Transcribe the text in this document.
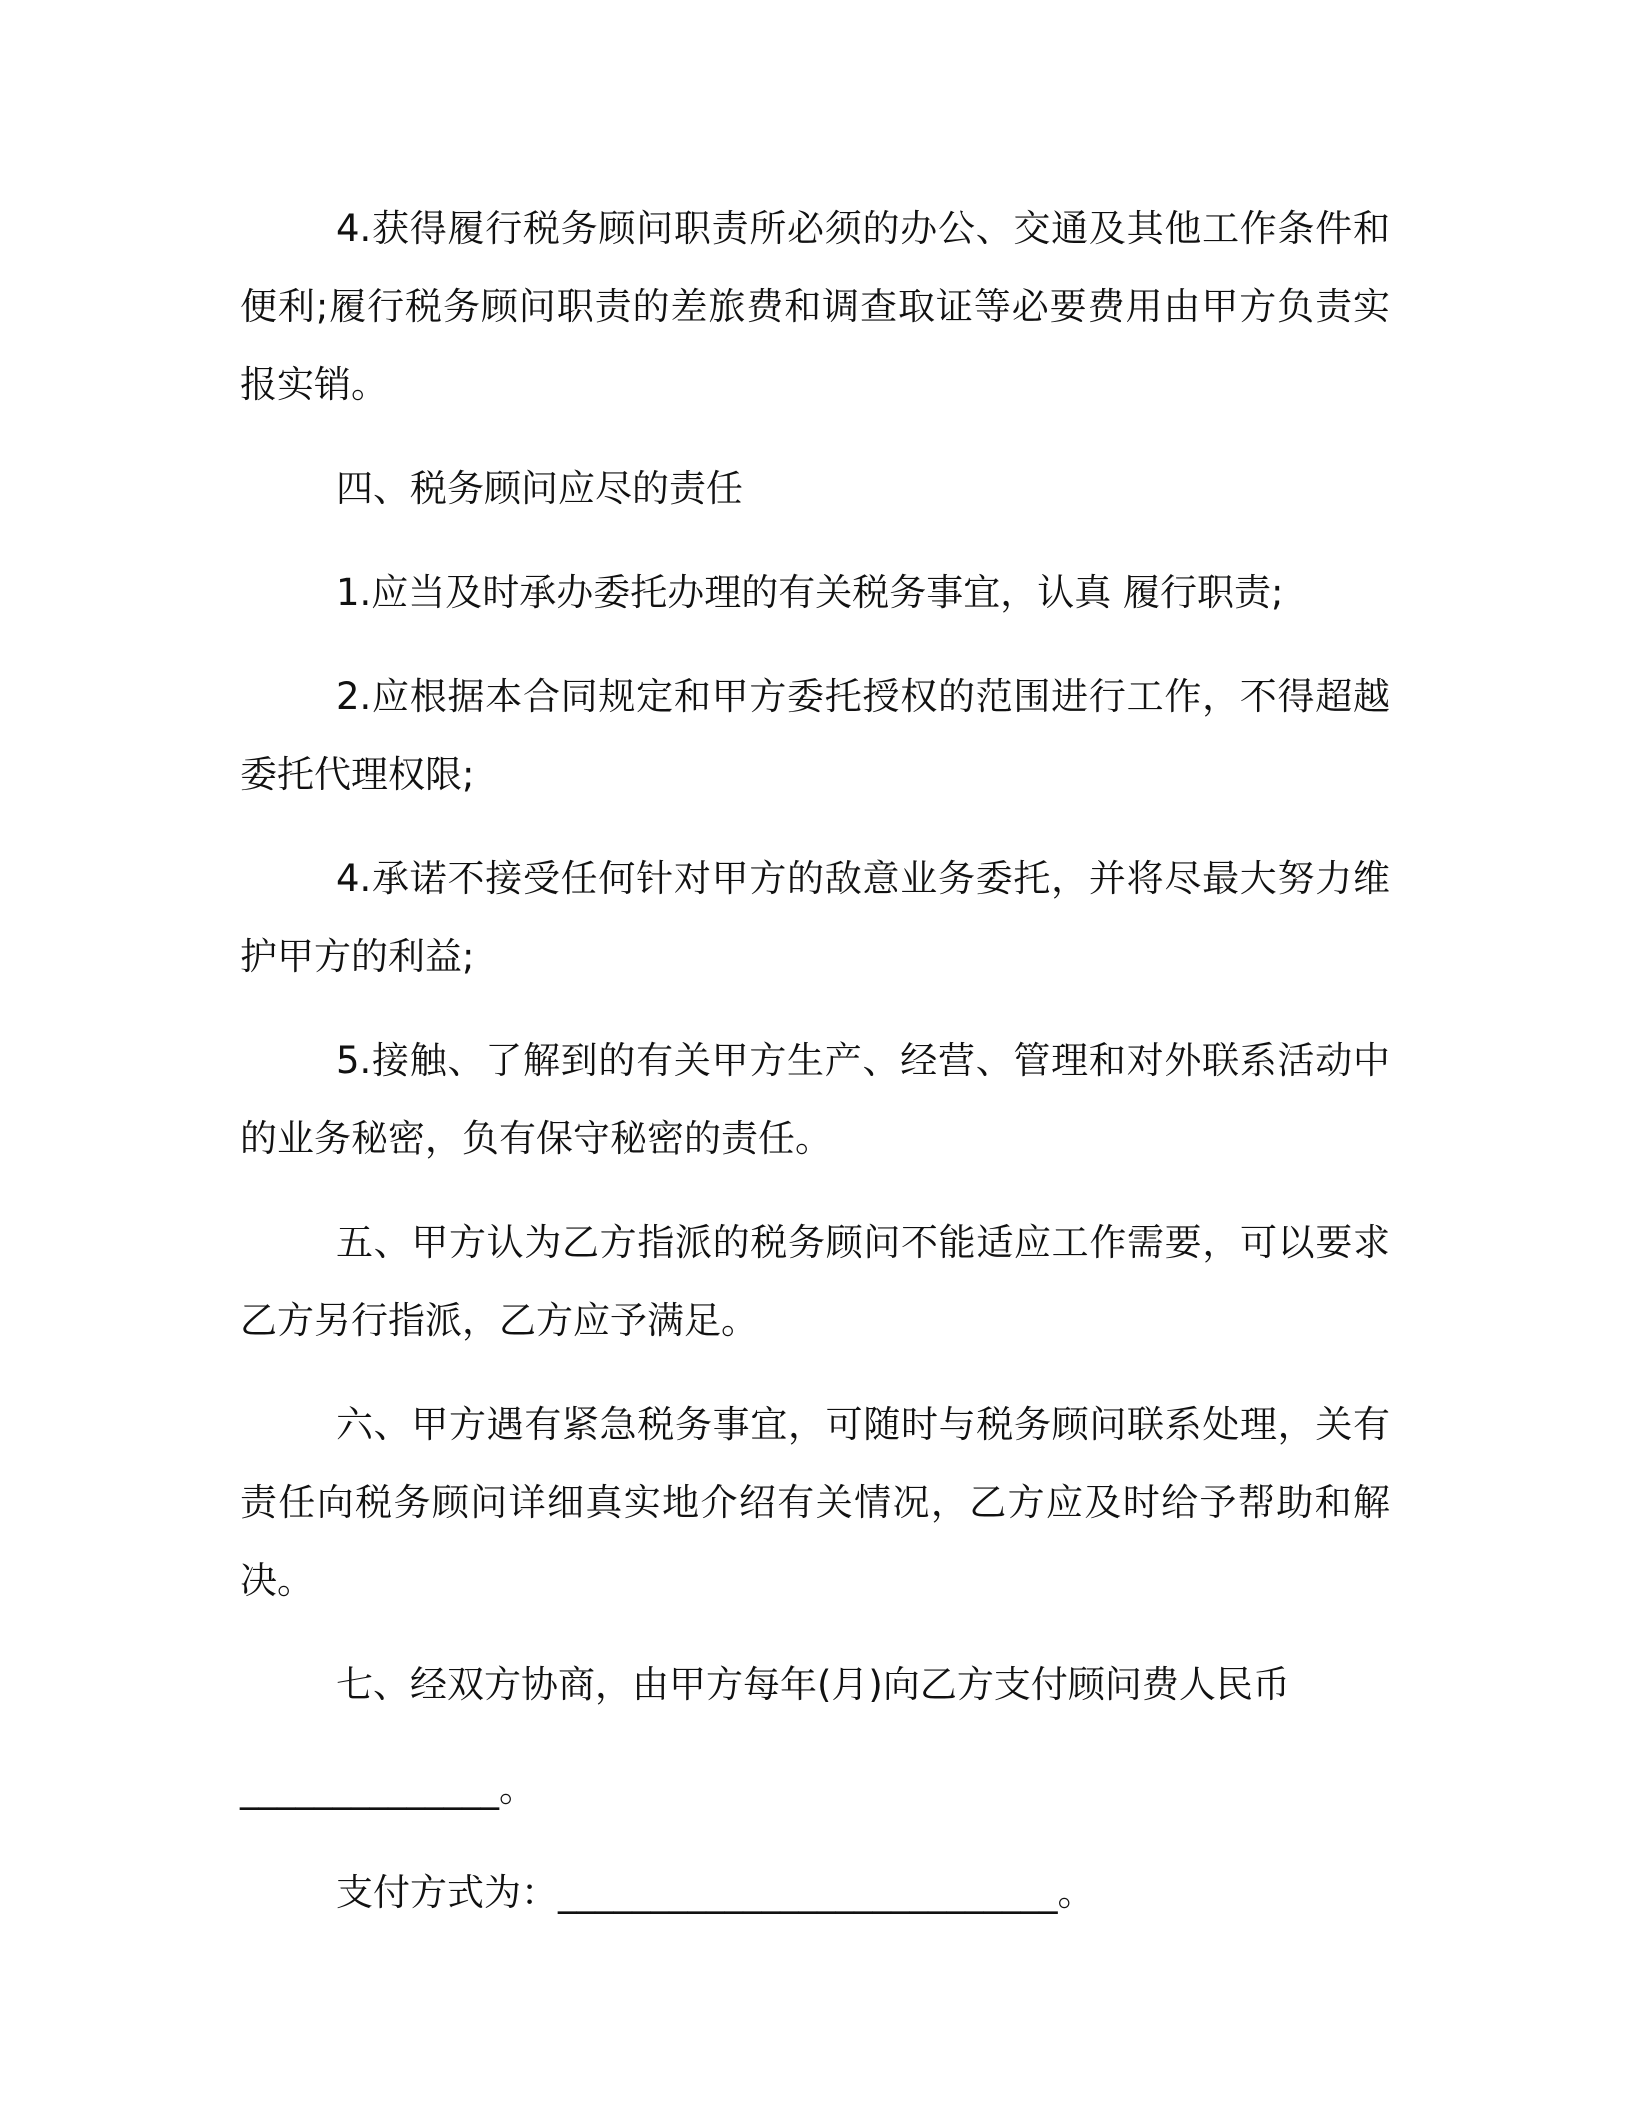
4.获得履行税务顾问职责所必须的办公、交通及其他工作条件和便利;履行税务顾问职责的差旅费和调查取证等必要费用由甲方负责实报实销。

四、税务顾问应尽的责任

1.应当及时承办委托办理的有关税务事宜，认真 履行职责;

2.应根据本合同规定和甲方委托授权的范围进行工作，不得超越委托代理权限;

4.承诺不接受任何针对甲方的敌意业务委托，并将尽最大努力维护甲方的利益;

5.接触、了解到的有关甲方生产、经营、管理和对外联系活动中的业务秘密，负有保守秘密的责任。

五、甲方认为乙方指派的税务顾问不能适应工作需要，可以要求乙方另行指派，乙方应予满足。

六、甲方遇有紧急税务事宜，可随时与税务顾问联系处理，关有责任向税务顾问详细真实地介绍有关情况，乙方应及时给予帮助和解决。

七、经双方协商，由甲方每年(月)向乙方支付顾问费人民币

______________。

支付方式为：___________________________。
